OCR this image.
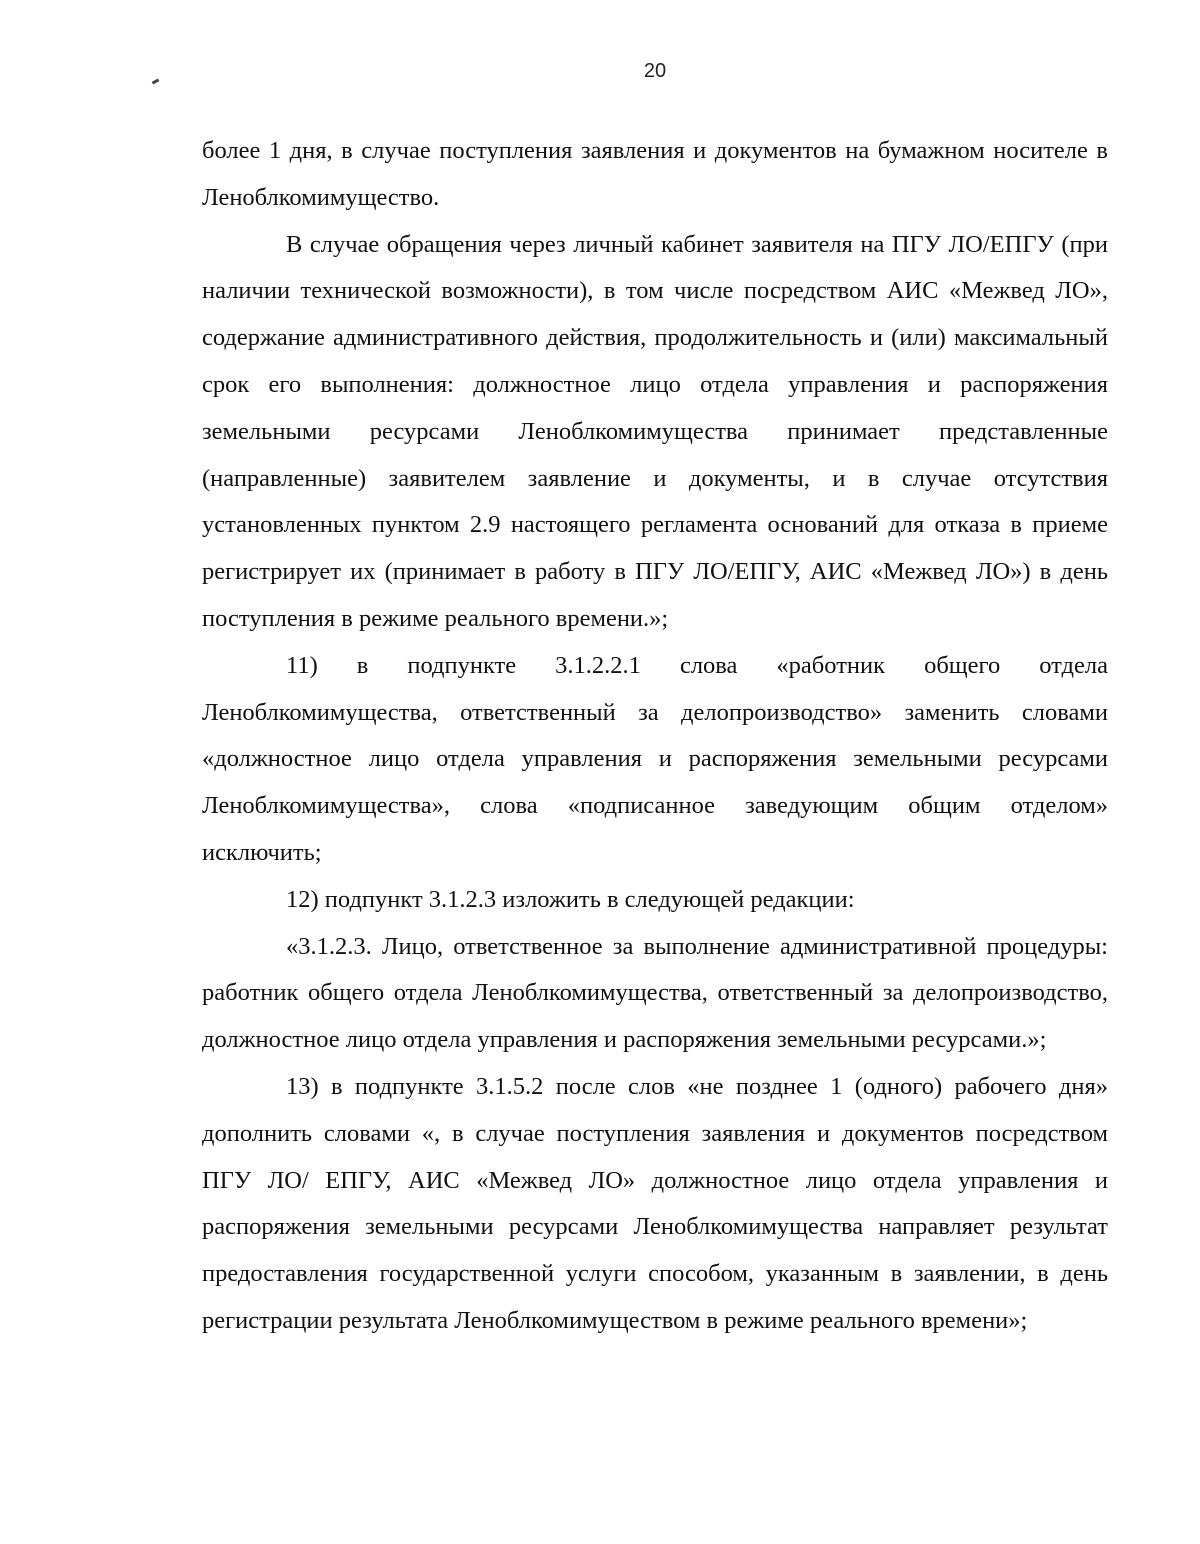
20

более 1 дня, в случае поступления заявления и документов на бумажном носителе в Леноблкомимущество.

В случае обращения через личный кабинет заявителя на ПГУ ЛО/ЕПГУ (при наличии технической возможности), в том числе посредством АИС «Межвед ЛО», содержание административного действия, продолжительность и (или) максимальный срок его выполнения: должностное лицо отдела управления и распоряжения земельными ресурсами Леноблкомимущества принимает представленные (направленные) заявителем заявление и документы, и в случае отсутствия установленных пунктом 2.9 настоящего регламента оснований для отказа в приеме регистрирует их (принимает в работу в ПГУ ЛО/ЕПГУ, АИС «Межвед ЛО») в день поступления в режиме реального времени.»;

11) в подпункте 3.1.2.2.1 слова «работник общего отдела Леноблкомимущества, ответственный за делопроизводство» заменить словами «должностное лицо отдела управления и распоряжения земельными ресурсами Леноблкомимущества», слова «подписанное заведующим общим отделом» исключить;

12) подпункт 3.1.2.3 изложить в следующей редакции:

«3.1.2.3. Лицо, ответственное за выполнение административной процедуры: работник общего отдела Леноблкомимущества, ответственный за делопроизводство, должностное лицо отдела управления и распоряжения земельными ресурсами.»;

13) в подпункте 3.1.5.2 после слов «не позднее 1 (одного) рабочего дня» дополнить словами «, в случае поступления заявления и документов посредством ПГУ ЛО/ ЕПГУ, АИС «Межвед ЛО» должностное лицо отдела управления и распоряжения земельными ресурсами Леноблкомимущества направляет результат предоставления государственной услуги способом, указанным в заявлении, в день регистрации результата Леноблкомимуществом в режиме реального времени»;
